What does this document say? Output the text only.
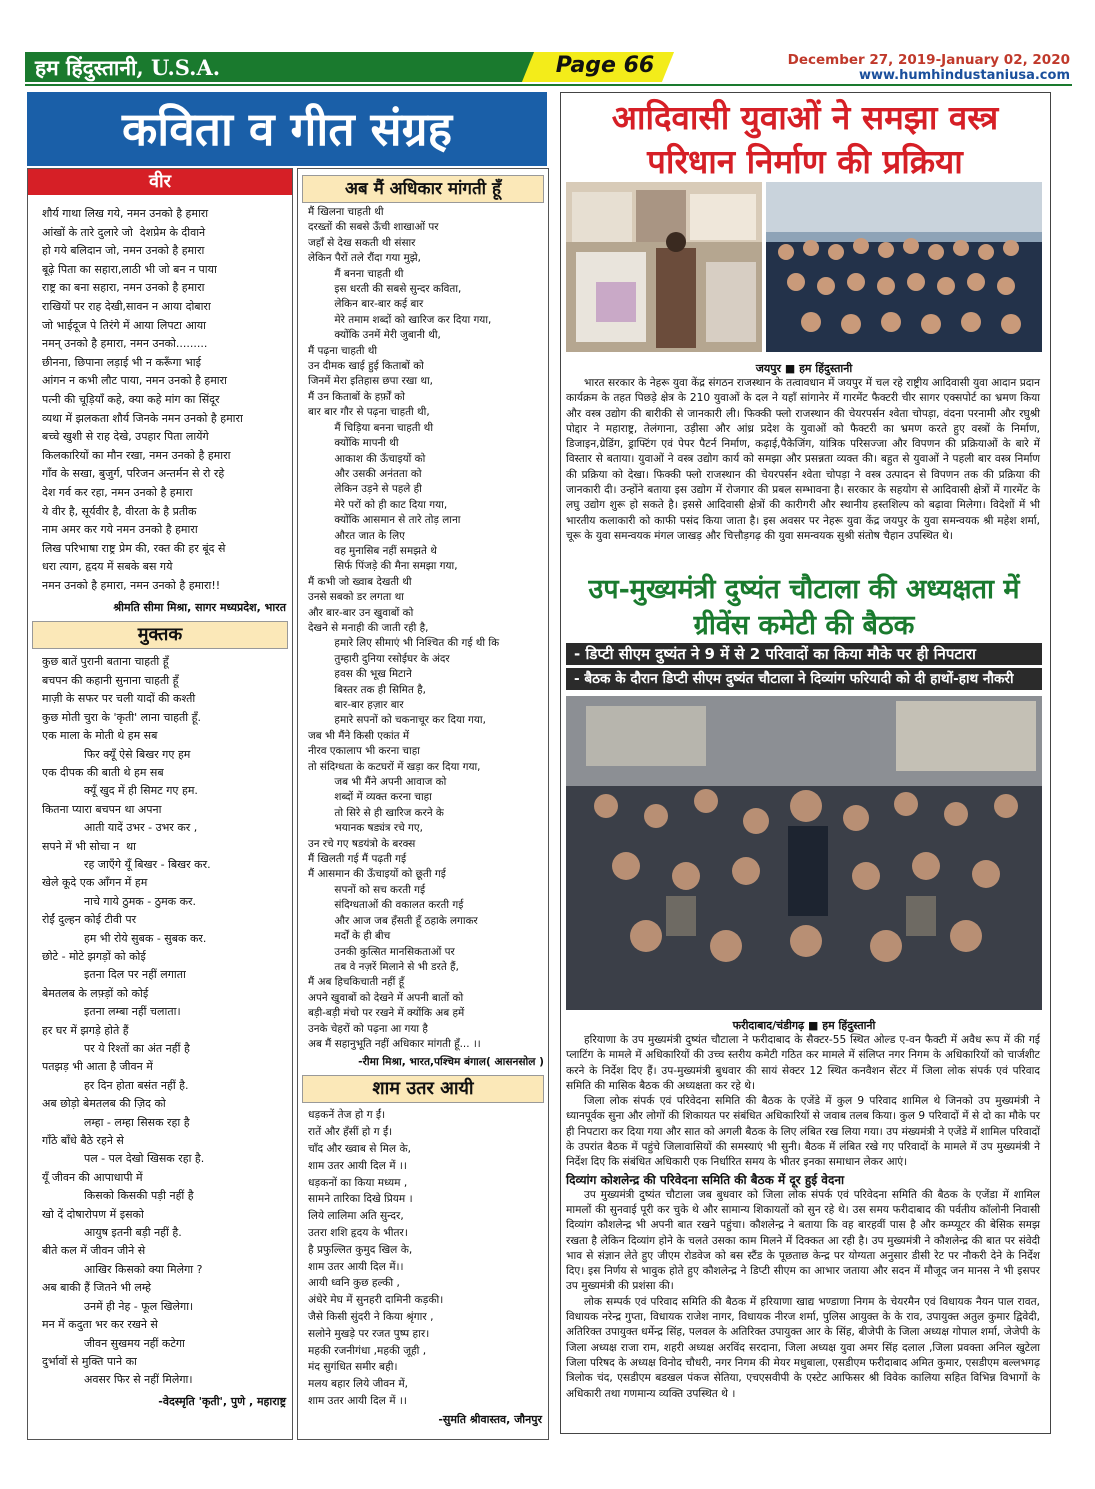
हम हिंदुस्तानी, U.S.A.	Page 66	December 27, 2019-January 02, 2020
www.humhindustaniusa.com
कविता व गीत संग्रह
वीर
शौर्य गाथा लिख गये, नमन उनको है हमारा
आंखों के तारे दुलारे जो  देशप्रेम के दीवाने
हो गये बलिदान जो, नमन उनको है हमारा
बूढ़े पिता का सहारा,लाठी भी जो बन न पाया
राष्ट्र का बना सहारा, नमन उनको है हमारा
राखियों पर राह देखी,सावन न आया दोबारा
जो भाईदूज पे तिरंगे में आया लिपटा आया
नमन् उनको है हमारा, नमन उनको.........
छीनना, छिपाना लड़ाई भी न करूँगा भाई
आंगन न कभी लौट पाया, नमन उनको है हमारा
पत्नी की चूड़ियाँ कहे, क्या कहे मांग का सिंदूर
व्यथा में झलकता शौर्य जिनके नमन उनको है हमारा
बच्चे खुशी से राह देखे, उपहार पिता लायेंगे
किलकारियों का मौन रखा, नमन उनको है हमारा
गाँव के सखा, बुजुर्ग, परिजन अन्तर्मन से रो रहे
देश गर्व कर रहा, नमन उनको है हमारा
ये वीर है, सूर्यवीर है, वीरता के है प्रतीक
नाम अमर कर गये नमन उनको है हमारा
लिख परिभाषा राष्ट्र प्रेम की, रक्त की हर बूंद से
धरा त्याग, हृदय में सबके बस गये
नमन उनको है हमारा, नमन उनको है हमारा!!
श्रीमति सीमा मिश्रा, सागर मध्यप्रदेश, भारत
मुक्तक
कुछ बातें पुरानी बताना चाहती हूँ
बचपन की कहानी सुनाना चाहती हूँ
माज़ी के सफर पर चली यादों की कश्ती
कुछ मोती चुरा के 'कृती' लाना चाहती हूँ.
एक माला के मोती थे हम सब
फिर क्यूँ ऐसे बिखर गए हम
एक दीपक की बाती थे हम सब
क्यूँ खुद में ही सिमट गए हम.
कितना प्यारा बचपन था अपना
आती यादें उभर - उभर कर ,
सपने में भी सोचा न  था
रह जाएँगे यूँ बिखर - बिखर कर.
खेले कूदे एक आँगन में हम
नाचे गाये ठुमक - ठुमक कर.
रोईं दुल्हन कोई टीवी पर
हम भी रोये सुबक - सुबक कर.
छोटे - मोटे झगड़ों को कोई
इतना दिल पर नहीं लगाता
बेमतलब के लफ़्ड़ों को कोई
इतना लम्बा नहीं चलाता।
हर घर में झगड़े होते हैं
पर ये रिश्तों का अंत नहीं है
पतझड़ भी आता है जीवन में
हर दिन होता बसंत नहीं है.
अब छोड़ो बेमतलब की ज़िद को
लम्हा - लम्हा सिसक रहा है
गाँठे बाँधे बैठे रहने से
पल - पल देखो खिसक रहा है.
यूँ जीवन की आपाधापी में
किसको किसकी पड़ी नहीं है
खो दें दोषारोपण में इसको
आयुष इतनी बड़ी नहीं है.
बीते कल में जीवन जीने से
आखिर किसको क्या मिलेगा ?
अब बाकी हैं जितने भी लम्हे
उनमें ही नेह - फूल खिलेगा।
मन में कदुता भर कर रखने से
जीवन सुखमय नहीं कटेगा
दुर्भावों से मुक्ति पाने का
अवसर फिर से नहीं मिलेगा।
-वेदस्मृति 'कृती', पुणे , महाराष्ट्र
अब मैं अधिकार मांगती हूँ
मैं खिलना चाहती थी
दरख्तों की सबसे ऊँची शाखाओं पर
जहाँ से देख सकती थी संसार
लेकिन पैरों तले रौंदा गया मुझे,
मैं बनना चाहती थी
इस धरती की सबसे सुन्दर कविता,
लेकिन बार-बार कई बार
मेरे तमाम शब्दों को खारिज कर दिया गया,
क्योंकि उनमें मेरी जुबानी थी,
मैं पढ़ना चाहती थी
उन दीमक खाई हुई किताबों को
जिनमें मेरा इतिहास छपा रखा था,
मैं उन किताबों के हर्फ़ों को
बार बार गौर से पढ़ना चाहती थी,
मैं चिड़िया बनना चाहती थी
क्योंकि मापनी थी
आकाश की ऊँचाइयों को
और उसकी अनंतता को
लेकिन उड़ने से पहले ही
मेरे परों को ही काट दिया गया,
क्योंकि आसमान से तारे तोड़ लाना
औरत जात के लिए
वह मुनासिब नहीं समझते थे
सिर्फ पिंजड़े की मैना समझा गया,
मैं कभी जो ख्वाब देखती थी
उनसे सबको डर लगता था
और बार-बार उन खुवाबों को
देखने से मनाही की जाती रही है,
हमारे लिए सीमाएं भी निश्चित की गई थी कि
तुम्हारी दुनिया रसोईघर के अंदर
हवस की भूख मिटाने
बिस्तर तक ही सिमित है,
बार-बार हज़ार बार
हमारे सपनों को चकनाचूर कर दिया गया,
जब भी मैंने किसी एकांत में
नीरव एकालाप भी करना चाहा
तो संदिग्धता के कटघरों में खड़ा कर दिया गया,
जब भी मैंने अपनी आवाज को
शब्दों में व्यक्त करना चाहा
तो सिरे से ही खारिज करने के
भयानक षड्यंत्र रचे गए,
उन रचे गए षडयंत्रो के बरक्स
मैं खिलती गई मैं पढ़ती गई
मैं आसमान की ऊँचाइयों को छूती गई
सपनों को सच करती गई
संदिग्धताओं की वकालत करती गई
और आज जब हँसती हूँ ठहाके लगाकर
मर्दों के ही बीच
उनकी कुत्सित मानसिकताओं पर
तब वे नज़रें मिलाने से भी डरते हैं,
मैं अब हिचकिचाती नहीं हूँ
अपने खुवाबों को देखने में अपनी बातों को
बड़ी-बड़ी मंचो पर रखने में क्योंकि अब हमें
उनके चेहरों को पढ़ना आ गया है
अब मैं सहानुभूति नहीं अधिकार मांगती हूँ... ।।
-रीमा मिश्रा, भारत,पश्चिम बंगाल( आसनसोल )
शाम उतर आयी
धड़कनें तेज हो ग ईं।
रातें और हँसीं हो ग ईं।
चाँद और ख्वाब से मिल के,
शाम उतर आयी दिल में ।।
धड़कनों का किया मध्यम ,
सामने तारिका दिखे प्रियम ।
लिये लालिमा अति सुन्दर,
उतरा शशि हृदय के भीतर।
है प्रफुल्लित कुमुद खिल के,
शाम उतर आयी दिल में।।
आयी ध्वनि कुछ हल्की ,
अंधेरे मेघ में सुनहरी दामिनी कड़की।
जैसे किसी सुंदरी ने किया श्रृंगार ,
सलोने मुखड़े पर रजत पुष्प हार।
महकी रजनीगंधा ,महकी जूही ,
मंद सुगंधित समीर बही।
मलय बहार लिये जीवन में,
शाम उतर आयी दिल में ।।
-सुमति श्रीवास्तव, जौनपुर
आदिवासी युवाओं ने समझा वस्त्र परिधान निर्माण की प्रक्रिया
जयपुर ■ हम हिंदुस्तानी
भारत सरकार के नेहरू युवा केंद्र संगठन राजस्थान के तत्वावधान में जयपुर में चल रहे राष्ट्रीय आदिवासी युवा आदान प्रदान कार्यक्रम के तहत पिछड़े क्षेत्र के 210 युवाओं के दल ने यहाँ सांगानेर में गारमेंट फैक्टरी चीर सागर एक्सपोर्ट का भ्रमण किया और वस्त्र उद्योग की बारीकी से जानकारी ली। फिक्की फ्लो राजस्थान की चेयरपर्सन श्वेता चोपड़ा, वंदना परनामी और रघुश्री पोद्दार ने महाराष्ट्र, तेलंगाना, उड़ीसा और आंध्र प्रदेश के युवाओं को फैक्टरी का भ्रमण करते हुए वस्त्रों के निर्माण, डिजाइन,ग्रेडिंग, ड्राफ्टिंग एवं पेपर पैटर्न निर्माण, कढ़ाई,पैकेजिंग, यांत्रिक परिसज्जा और विपणन की प्रक्रियाओं के बारे में विस्तार से बताया। युवाओं ने वस्त्र उद्योग कार्य को समझा और प्रसन्नता व्यक्त की। बहुत से युवाओं ने पहली बार वस्त्र निर्माण की प्रक्रिया को देखा। फिक्की फ्लो राजस्थान की चेयरपर्सन श्वेता चोपड़ा ने वस्त्र उत्पादन से विपणन तक की प्रक्रिया की जानकारी दी। उन्होंने बताया इस उद्योग में रोजगार की प्रबल सम्भावना है। सरकार के सहयोग से आदिवासी क्षेत्रों में गारमेंट के लघु उद्योग शुरू हो सकते है। इससे आदिवासी क्षेत्रों की कारीगरी और स्थानीय हस्तशिल्प को बढ़ावा मिलेगा। विदेशों में भी भारतीय कलाकारी को काफी पसंद किया जाता है। इस अवसर पर नेहरू युवा केंद्र जयपुर के युवा समन्वयक श्री महेश शर्मा, चूरू के युवा समन्वयक मंगल जाखड़ और चित्तौड़गढ़ की युवा समन्वयक सुश्री संतोष चैहान उपस्थित थे।
उप-मुख्यमंत्री दुष्यंत चौटाला की अध्यक्षता में ग्रीवेंस कमेटी की बैठक
- डिप्टी सीएम दुष्यंत ने 9 में से 2 परिवादों का किया मौके पर ही निपटारा
- बैठक के दौरान डिप्टी सीएम दुष्यंत चौटाला ने दिव्यांग फरियादी को दी हाथों-हाथ नौकरी
फरीदाबाद/चंडीगढ़ ■ हम हिंदुस्तानी
हरियाणा के उप मुख्यमंत्री दुष्यंत चौटाला ने फरीदाबाद के सैक्टर-55 स्थित ओल्ड ए-वन फैक्टी में अवैध रूप में की गई प्लाटिंग के मामले में अधिकारियों की उच्च स्तरीय कमेटी गठित कर मामले में संलिप्त नगर निगम के अधिकारियों को चार्जशीट करने के निर्देश दिए हैं। उप-मुख्यमंत्री बुधवार की सायं सेक्टर 12 स्थित कनवैशन सेंटर में जिला लोक संपर्क एवं परिवाद समिति की मासिक बैठक की अध्यक्षता कर रहे थे।
जिला लोक संपर्क एवं परिवेदना समिति की बैठक के एजेंडे में कुल 9 परिवाद शामिल थे जिनको उप मुख्यमंत्री ने ध्यानपूर्वक सुना और लोगों की शिकायत पर संबंधित अधिकारियों से जवाब तलब किया। कुल 9 परिवादों में से दो का मौके पर ही निपटारा कर दिया गया और सात को अगली बैठक के लिए लंबित रख लिया गया। उप मंख्यमंत्री ने एजेंडे में शामिल परिवादों के उपरांत बैठक में पहुंचे जिलावासियों की समस्याएं भी सुनी। बैठक में लंबित रखे गए परिवादों के मामले में उप मुख्यमंत्री ने निर्देश दिए कि संबंधित अधिकारी एक निर्धारित समय के भीतर इनका समाधान लेकर आएं।
दिव्यांग कोशलेन्द्र की परिवेदना समिति की बैठक में दूर हुई वेदना
उप मुख्यमंत्री दुष्यंत चौटाला जब बुधवार को जिला लोक संपर्क एवं परिवेदना समिति की बैठक के एजेंडा में शामिल मामलों की सुनवाई पूरी कर चुके थे और सामान्य शिकायतों को सुन रहे थे। उस समय फरीदाबाद की पर्वतीय कॉलोनी निवासी दिव्यांग कौशलेन्द्र भी अपनी बात रखने पहुंचा। कौशलेन्द्र ने बताया कि वह बारहवीं पास है और कम्प्यूटर की बेसिक समझ रखता है लेकिन दिव्यांग होने के चलते उसका काम मिलने में दिक्कत आ रही है। उप मुख्यमंत्री ने कौशलेन्द्र की बात पर संवेदी भाव से संज्ञान लेते हुए जीएम रोडवेज को बस स्टैंड के पूछताछ केन्द्र पर योग्यता अनुसार डीसी रेट पर नौकरी देने के निर्देश दिए। इस निर्णय से भावुक होते हुए कौशलेन्द्र ने डिप्टी सीएम का आभार जताया और सदन में मौजूद जन मानस ने भी इसपर उप मुख्यमंत्री की प्रशंसा की।
लोक सम्पर्क एवं परिवाद समिति की बैठक में हरियाणा खाद्य भण्डाणा निगम के चेयरमैन एवं विधायक नैयन पाल रावत, विधायक नरेन्द्र गुप्ता, विधायक राजेश नागर, विधायक नीरज शर्मा, पुलिस आयुक्त के के राव, उपायुक्त अतुल कुमार द्विवेदी, अतिरिक्त उपायुक्त धर्मेन्द्र सिंह, पलवल के अतिरिक्त उपायुक्त आर के सिंह, बीजेपी के जिला अध्यक्ष गोपाल शर्मा, जेजेपी के जिला अध्यक्ष राजा राम, शहरी अध्यक्ष अरविंद सरदाना, जिला अध्यक्ष युवा अमर सिंह दलाल ,जिला प्रवक्ता अनिल खुटेला जिला परिषद के अध्यक्ष विनोद चौधरी, नगर निगम की मेयर मधुबाला, एसडीएम फरीदाबाद अमित कुमार, एसडीएम बल्लभगढ़ त्रिलोक चंद, एसडीएम बडखल पंकज सेतिया, एचएसवीपी के एस्टेट आफिसर श्री विवेक कालिया सहित विभिन्न विभागों के अधिकारी तथा गणमान्य व्यक्ति उपस्थित थे ।
